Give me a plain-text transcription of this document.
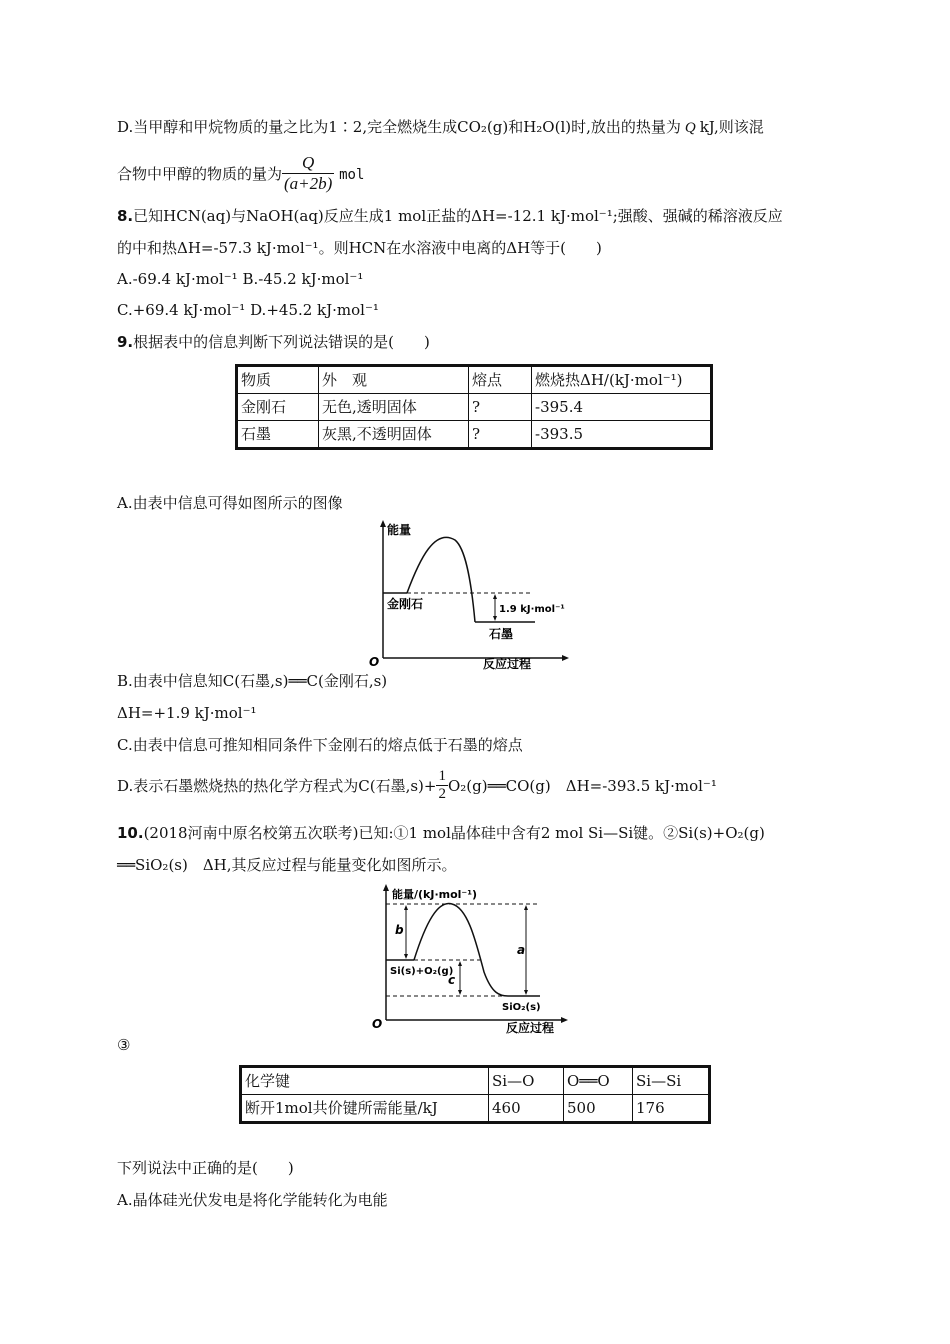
D.当甲醇和甲烷物质的量之比为1∶2,完全燃烧生成CO₂(g)和H₂O(l)时,放出的热量为 Q kJ,则该混
合物中甲醇的物质的量为 $\frac{Q}{(a+2b)}$ mol
8.已知HCN(aq)与NaOH(aq)反应生成1 mol正盐的ΔH=-12.1 kJ·mol⁻¹;强酸、强碱的稀溶液反应
的中和热ΔH=-57.3 kJ·mol⁻¹。则HCN在水溶液中电离的ΔH等于(　　)
A.-69.4 kJ·mol⁻¹ B.-45.2 kJ·mol⁻¹
C.+69.4 kJ·mol⁻¹ D.+45.2 kJ·mol⁻¹
9.根据表中的信息判断下列说法错误的是(　　)
物质	外　观	熔点	燃烧热ΔH/(kJ·mol⁻¹)
金刚石	无色,透明固体	?	-395.4
石墨	灰黑,不透明固体	?	-393.5
A.由表中信息可得如图所示的图像
能量
O	反应过程
金刚石	1.9 kJ·mol⁻¹
石墨
B.由表中信息知C(石墨,s)══C(金刚石,s)
ΔH=+1.9 kJ·mol⁻¹
C.由表中信息可推知相同条件下金刚石的熔点低于石墨的熔点
D.表示石墨燃烧热的热化学方程式为C(石墨$,s)+ \frac{1}{2}$ O₂(g)══CO(g)　ΔH=-393.5 kJ·mol⁻¹
10.(2018河南中原名校第五次联考)已知:①1 mol晶体硅中含有2 mol Si—Si键。②Si(s)+O₂(g)
══SiO₂(s)　ΔH,其反应过程与能量变化如图所示。
能量/(kJ·mol⁻¹)
O	反应过程
b
c
a
Si(s)+O₂(g)
SiO₂(s)
③
化学键	Si—O	O══O	Si—Si
断开1mol共价键所需能量/kJ	460	500	176
下列说法中正确的是(　　)
A.晶体硅光伏发电是将化学能转化为电能
